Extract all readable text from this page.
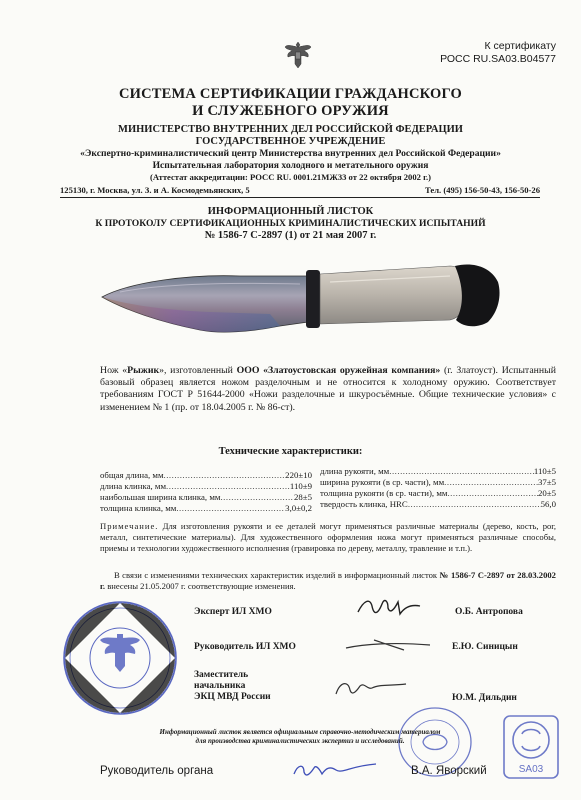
К сертификату
РОСС RU.SA03.B04577
СИСТЕМА СЕРТИФИКАЦИИ ГРАЖДАНСКОГО
И СЛУЖЕБНОГО ОРУЖИЯ
МИНИСТЕРСТВО ВНУТРЕННИХ ДЕЛ РОССИЙСКОЙ ФЕДЕРАЦИИ
ГОСУДАРСТВЕННОЕ УЧРЕЖДЕНИЕ
«Экспертно-криминалистический центр Министерства внутренних дел Российской Федерации»
Испытательная лаборатория холодного и метательного оружия
(Аттестат аккредитации: РОСС RU. 0001.21МЖ33 от 22 октября 2002 г.)
125130, г. Москва, ул. З. и А. Космодемьянских, 5	Тел. (495) 156-50-43, 156-50-26
ИНФОРМАЦИОННЫЙ ЛИСТОК
К ПРОТОКОЛУ СЕРТИФИКАЦИОННЫХ КРИМИНАЛИСТИЧЕСКИХ ИСПЫТАНИЙ
№ 1586-7 С-2897 (1) от 21 мая 2007 г.
Нож «Рыжик», изготовленный ООО «Златоустовская оружейная компания» (г. Златоуст). Испытанный базовый образец является ножом разделочным и не относится к холодному оружию. Соответствует требованиям ГОСТ Р 51644-2000 «Ножи разделочные и шкуросъёмные. Общие технические условия» с изменением № 1 (пр. от 18.04.2005 г. № 86-ст).
Технические характеристики:
общая длина, мм .....	220±10
длина клинка, мм .....	110±9
наибольшая ширина клинка, мм .....	28±5
толщина клинка, мм .....	3,0±0,2
длина рукояти, мм .....	110±5
ширина рукояти (в ср. части), мм .....	37±5
толщина рукояти (в ср. части), мм .....	20±5
твердость клинка, HRC .....	56,0
Примечание. Для изготовления рукояти и ее деталей могут применяться различные материалы (дерево, кость, рог, металл, синтетические материалы). Для художественного оформления ножа могут применяться различные способы, приемы и технологии художественного исполнения (гравировка по дереву, металлу, травление и т.п.).
В связи с изменениями технических характеристик изделий в информационный листок № 1586-7 С-2897 от 28.03.2002 г. внесены 21.05.2007 г. соответствующие изменения.
Эксперт ИЛ ХМО	О.Б. Антропова
Руководитель ИЛ ХМО	Е.Ю. Синицын
Заместитель
начальника
ЭКЦ МВД России	Ю.М. Дильдин
SA03
Информационный листок является официальным справочно-методическим материалом
для производства криминалистических экспертиз и исследований.
Руководитель органа	В.А. Яворский
